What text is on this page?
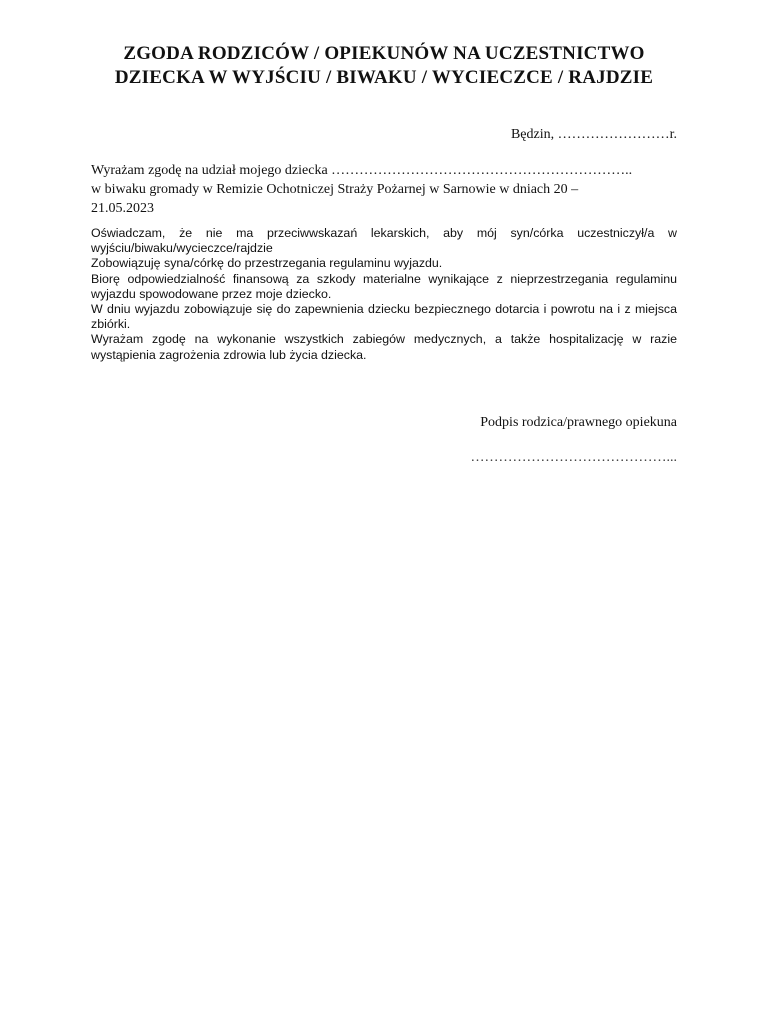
ZGODA RODZICÓW / OPIEKUNÓW NA UCZESTNICTWO
DZIECKA W WYJŚCIU / BIWAKU / WYCIECZCE / RAJDZIE
Będzin, ……………………r.
Wyrażam zgodę na udział mojego dziecka ………………………………………………………..
w biwaku gromady w Remizie Ochotniczej Straży Pożarnej w Sarnowie w dniach 20 –
21.05.2023

Oświadczam, że nie ma przeciwwskazań lekarskich, aby mój syn/córka uczestniczył/a w wyjściu/biwaku/wycieczce/rajdzie

Zobowiązuję syna/córkę do przestrzegania regulaminu wyjazdu.

Biorę odpowiedzialność finansową za szkody materialne wynikające z nieprzestrzegania regulaminu wyjazdu spowodowane przez moje dziecko.

W dniu wyjazdu zobowiązuje się do zapewnienia dziecku bezpiecznego dotarcia i powrotu na i z miejsca zbiórki.

Wyrażam zgodę na wykonanie wszystkich zabiegów medycznych, a także hospitalizację w razie wystąpienia zagrożenia zdrowia lub życia dziecka.

Podpis rodzica/prawnego opiekuna
……………………………………...
